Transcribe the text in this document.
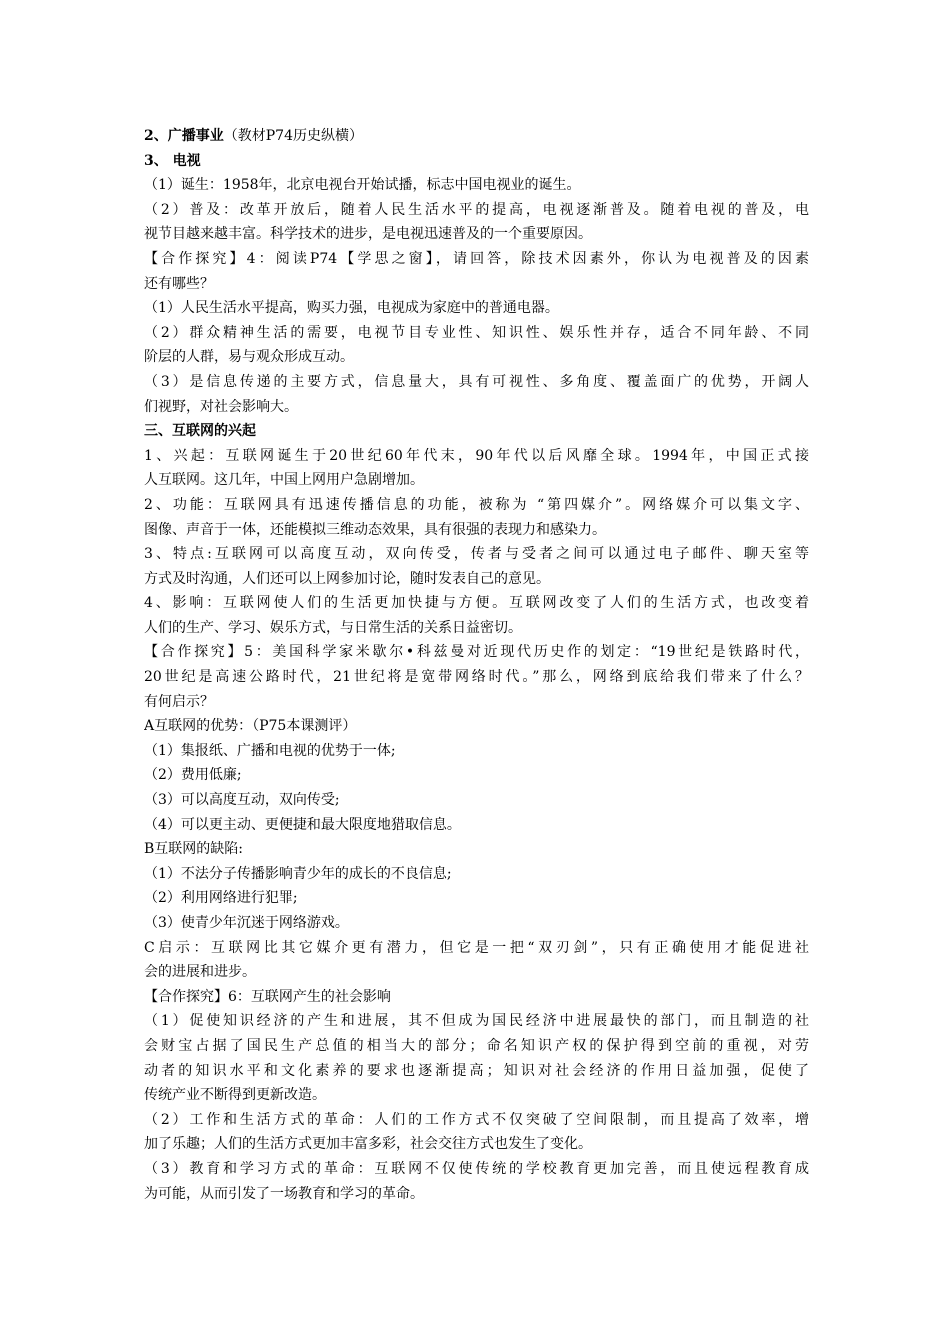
2、广播事业（教材P74历史纵横）
3、 电视
（1）诞生：1958年，北京电视台开始试播，标志中国电视业的诞生。
（2）普及：改革开放后，随着人民生活水平的提高，电视逐渐普及。随着电视的普及，电
视节目越来越丰富。科学技术的进步，是电视迅速普及的一个重要原因。
【合作探究】4：阅读P74【学思之窗】，请回答，除技术因素外，你认为电视普及的因素
还有哪些？
（1）人民生活水平提高，购买力强，电视成为家庭中的普通电器。
（2）群众精神生活的需要，电视节目专业性、知识性、娱乐性并存，适合不同年龄、不同
阶层的人群，易与观众形成互动。
（3）是信息传递的主要方式，信息量大，具有可视性、多角度、覆盖面广的优势，开阔人
们视野，对社会影响大。
三、互联网的兴起
1、兴起：互联网诞生于20世纪60年代末，90年代以后风靡全球。1994年，中国正式接
人互联网。这几年，中国上网用户急剧增加。
2、功能：互联网具有迅速传播信息的功能，被称为 “第四媒介”。网络媒介可以集文字、
图像、声音于一体，还能模拟三维动态效果，具有很强的表现力和感染力。
3、特点:互联网可以高度互动，双向传受，传者与受者之间可以通过电子邮件、聊天室等
方式及时沟通，人们还可以上网参加讨论，随时发表自己的意见。
4、影响：互联网使人们的生活更加快捷与方便。互联网改变了人们的生活方式，也改变着
人们的生产、学习、娱乐方式，与日常生活的关系日益密切。
【合作探究】5：美国科学家米歇尔•科兹曼对近现代历史作的划定：“19世纪是铁路时代，
20世纪是高速公路时代，21世纪将是宽带网络时代。”那么，网络到底给我们带来了什么？
有何启示？
A互联网的优势：（P75本课测评）
（1）集报纸、广播和电视的优势于一体;
（2）费用低廉;
（3）可以高度互动，双向传受;
（4）可以更主动、更便捷和最大限度地猎取信息。
B互联网的缺陷:
（1）不法分子传播影响青少年的成长的不良信息;
（2）利用网络进行犯罪;
（3）使青少年沉迷于网络游戏。
C启示：互联网比其它媒介更有潜力，但它是一把“双刃剑”，只有正确使用才能促进社
会的进展和进步。
【合作探究】6：互联网产生的社会影响
（1）促使知识经济的产生和进展，其不但成为国民经济中进展最快的部门，而且制造的社
会财宝占据了国民生产总值的相当大的部分；命名知识产权的保护得到空前的重视，对劳
动者的知识水平和文化素养的要求也逐渐提高；知识对社会经济的作用日益加强，促使了
传统产业不断得到更新改造。
（2）工作和生活方式的革命：人们的工作方式不仅突破了空间限制，而且提高了效率，增
加了乐趣；人们的生活方式更加丰富多彩，社会交往方式也发生了变化。
（3）教育和学习方式的革命：互联网不仅使传统的学校教育更加完善，而且使远程教育成
为可能，从而引发了一场教育和学习的革命。
